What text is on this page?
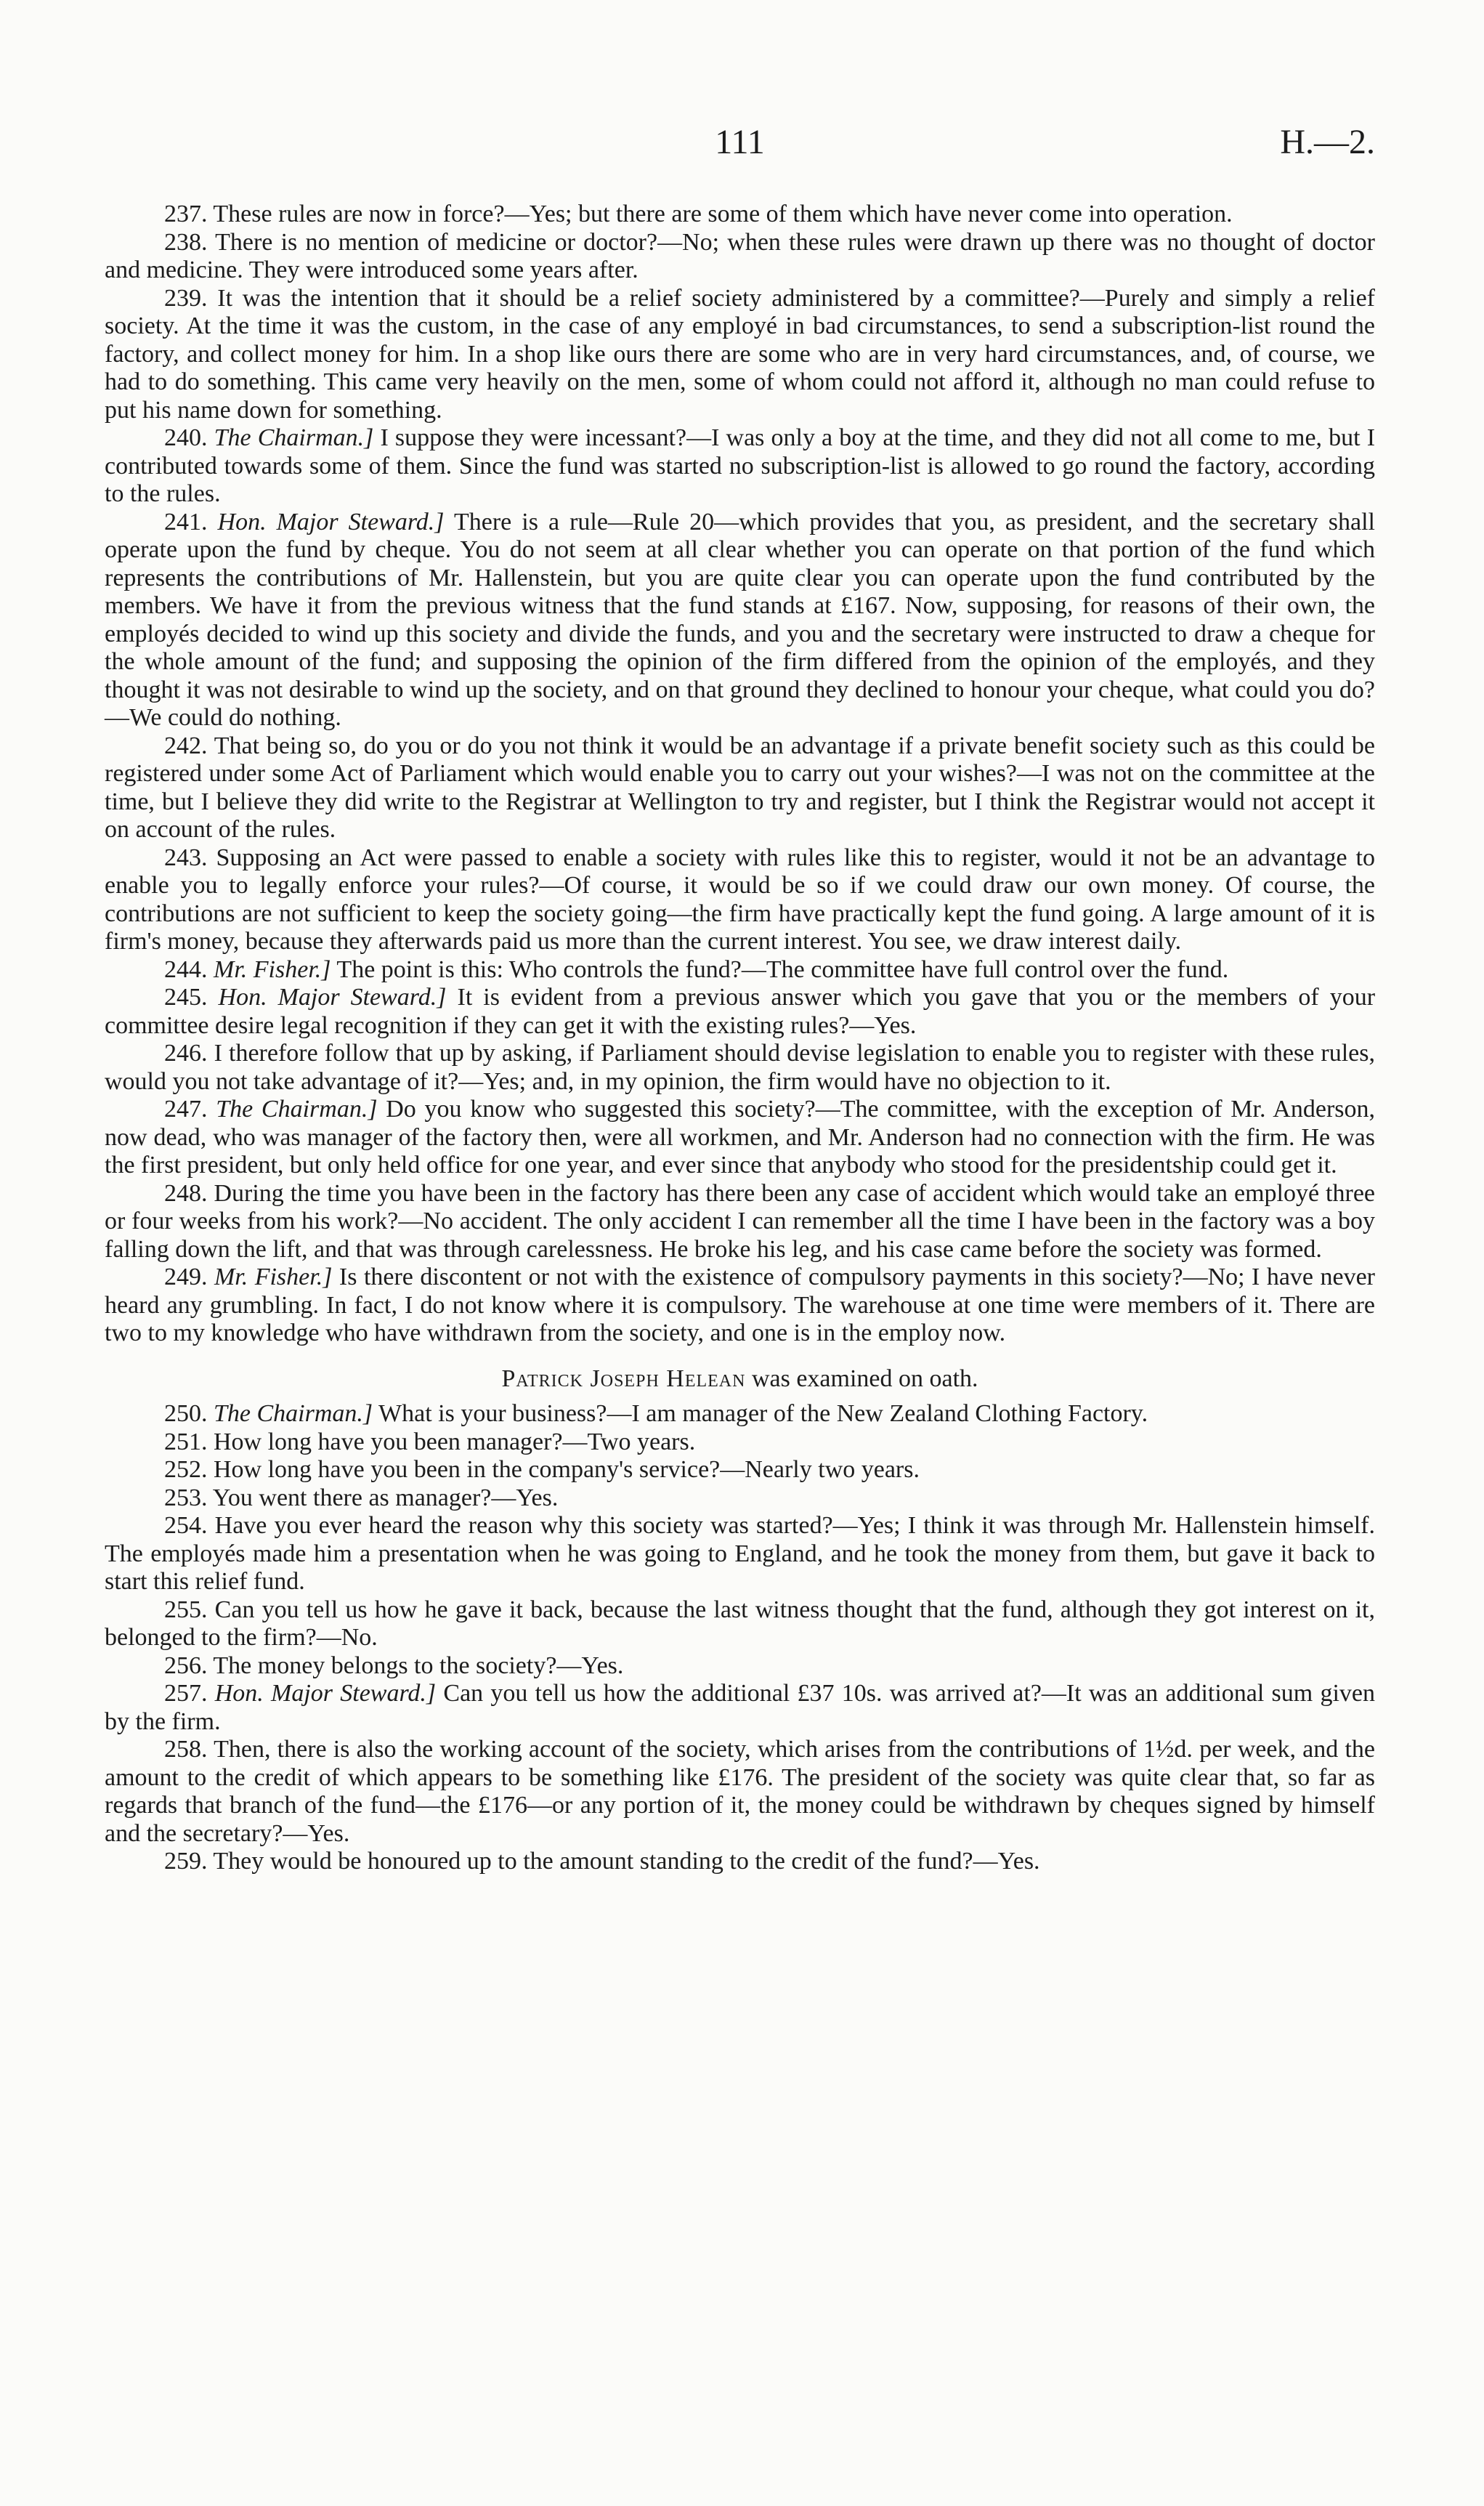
111	H.—2.

237. These rules are now in force?—Yes; but there are some of them which have never come into operation.

238. There is no mention of medicine or doctor?—No; when these rules were drawn up there was no thought of doctor and medicine. They were introduced some years after.

239. It was the intention that it should be a relief society administered by a committee?—Purely and simply a relief society. At the time it was the custom, in the case of any employé in bad circumstances, to send a subscription-list round the factory, and collect money for him. In a shop like ours there are some who are in very hard circumstances, and, of course, we had to do something. This came very heavily on the men, some of whom could not afford it, although no man could refuse to put his name down for something.

240. The Chairman.] I suppose they were incessant?—I was only a boy at the time, and they did not all come to me, but I contributed towards some of them. Since the fund was started no subscription-list is allowed to go round the factory, according to the rules.

241. Hon. Major Steward.] There is a rule—Rule 20—which provides that you, as president, and the secretary shall operate upon the fund by cheque. You do not seem at all clear whether you can operate on that portion of the fund which represents the contributions of Mr. Hallenstein, but you are quite clear you can operate upon the fund contributed by the members. We have it from the previous witness that the fund stands at £167. Now, supposing, for reasons of their own, the employés decided to wind up this society and divide the funds, and you and the secretary were instructed to draw a cheque for the whole amount of the fund; and supposing the opinion of the firm differed from the opinion of the employés, and they thought it was not desirable to wind up the society, and on that ground they declined to honour your cheque, what could you do?—We could do nothing.

242. That being so, do you or do you not think it would be an advantage if a private benefit society such as this could be registered under some Act of Parliament which would enable you to carry out your wishes?—I was not on the committee at the time, but I believe they did write to the Registrar at Wellington to try and register, but I think the Registrar would not accept it on account of the rules.

243. Supposing an Act were passed to enable a society with rules like this to register, would it not be an advantage to enable you to legally enforce your rules?—Of course, it would be so if we could draw our own money. Of course, the contributions are not sufficient to keep the society going—the firm have practically kept the fund going. A large amount of it is firm's money, because they afterwards paid us more than the current interest. You see, we draw interest daily.

244. Mr. Fisher.] The point is this: Who controls the fund?—The committee have full control over the fund.

245. Hon. Major Steward.] It is evident from a previous answer which you gave that you or the members of your committee desire legal recognition if they can get it with the existing rules?—Yes.

246. I therefore follow that up by asking, if Parliament should devise legislation to enable you to register with these rules, would you not take advantage of it?—Yes; and, in my opinion, the firm would have no objection to it.

247. The Chairman.] Do you know who suggested this society?—The committee, with the exception of Mr. Anderson, now dead, who was manager of the factory then, were all workmen, and Mr. Anderson had no connection with the firm. He was the first president, but only held office for one year, and ever since that anybody who stood for the presidentship could get it.

248. During the time you have been in the factory has there been any case of accident which would take an employé three or four weeks from his work?—No accident. The only accident I can remember all the time I have been in the factory was a boy falling down the lift, and that was through carelessness. He broke his leg, and his case came before the society was formed.

249. Mr. Fisher.] Is there discontent or not with the existence of compulsory payments in this society?—No; I have never heard any grumbling. In fact, I do not know where it is compulsory. The warehouse at one time were members of it. There are two to my knowledge who have withdrawn from the society, and one is in the employ now.

Patrick Joseph Helean was examined on oath.

250. The Chairman.] What is your business?—I am manager of the New Zealand Clothing Factory.

251. How long have you been manager?—Two years.

252. How long have you been in the company's service?—Nearly two years.

253. You went there as manager?—Yes.

254. Have you ever heard the reason why this society was started?—Yes; I think it was through Mr. Hallenstein himself. The employés made him a presentation when he was going to England, and he took the money from them, but gave it back to start this relief fund.

255. Can you tell us how he gave it back, because the last witness thought that the fund, although they got interest on it, belonged to the firm?—No.

256. The money belongs to the society?—Yes.

257. Hon. Major Steward.] Can you tell us how the additional £37 10s. was arrived at?—It was an additional sum given by the firm.

258. Then, there is also the working account of the society, which arises from the contributions of 1½d. per week, and the amount to the credit of which appears to be something like £176. The president of the society was quite clear that, so far as regards that branch of the fund—the £176—or any portion of it, the money could be withdrawn by cheques signed by himself and the secretary?—Yes.

259. They would be honoured up to the amount standing to the credit of the fund?—Yes.
